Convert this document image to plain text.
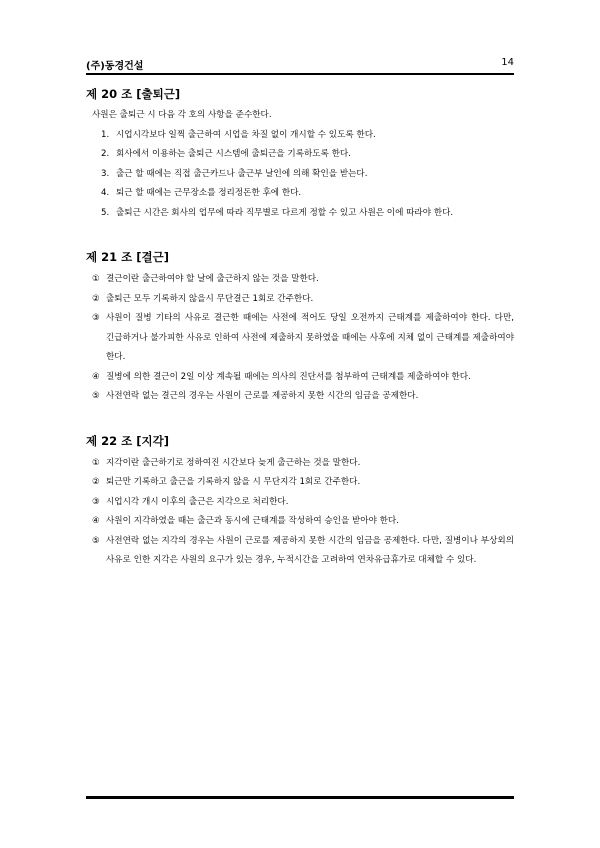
(주)동경건설	14
제 20 조 [출퇴근]
사원은 출퇴근 시 다음 각 호의 사항을 준수한다.
1. 시업시각보다 일찍 출근하여 시업을 차질 없이 개시할 수 있도록 한다.
2. 회사에서 이용하는 출퇴근 시스템에 출퇴근을 기록하도록 한다.
3. 출근 할 때에는 직접 출근카드나 출근부 날인에 의해 확인을 받는다.
4. 퇴근 할 때에는 근무장소를 정리정돈한 후에 한다.
5. 출퇴근 시간은 회사의 업무에 따라 직무별로 다르게 정할 수 있고 사원은 이에 따라야 한다.
제 21 조 [결근]
① 결근이란 출근하여야 할 날에 출근하지 않는 것을 말한다.
② 출퇴근 모두 기록하지 않을시 무단결근 1회로 간주한다.
③ 사원이 질병 기타의 사유로 결근한 때에는 사전에 적어도 당일 오전까지 근태계를 제출하여야 한다. 다만, 긴급하거나 불가피한 사유로 인하여 사전에 제출하지 못하였을 때에는 사후에 지체 없이 근태계를 제출하여야 한다.
④ 질병에 의한 결근이 2일 이상 계속될 때에는 의사의 진단서를 첨부하여 근태계를 제출하여야 한다.
⑤ 사전연락 없는 결근의 경우는 사원이 근로를 제공하지 못한 시간의 임금을 공제한다.
제 22 조 [지각]
① 지각이란 출근하기로 정하여진 시간보다 늦게 출근하는 것을 말한다.
② 퇴근만 기록하고 출근을 기록하지 않을 시 무단지각 1회로 간주한다.
③ 시업시각 개시 이후의 출근은 지각으로 처리한다.
④ 사원이 지각하였을 때는 출근과 동시에 근태계를 작성하여 승인을 받아야 한다.
⑤ 사전연락 없는 지각의 경우는 사원이 근로를 제공하지 못한 시간의 임금을 공제한다. 다만, 질병이나 부상외의 사유로 인한 지각은 사원의 요구가 있는 경우, 누적시간을 고려하여 연차유급휴가로 대체할 수 있다.
